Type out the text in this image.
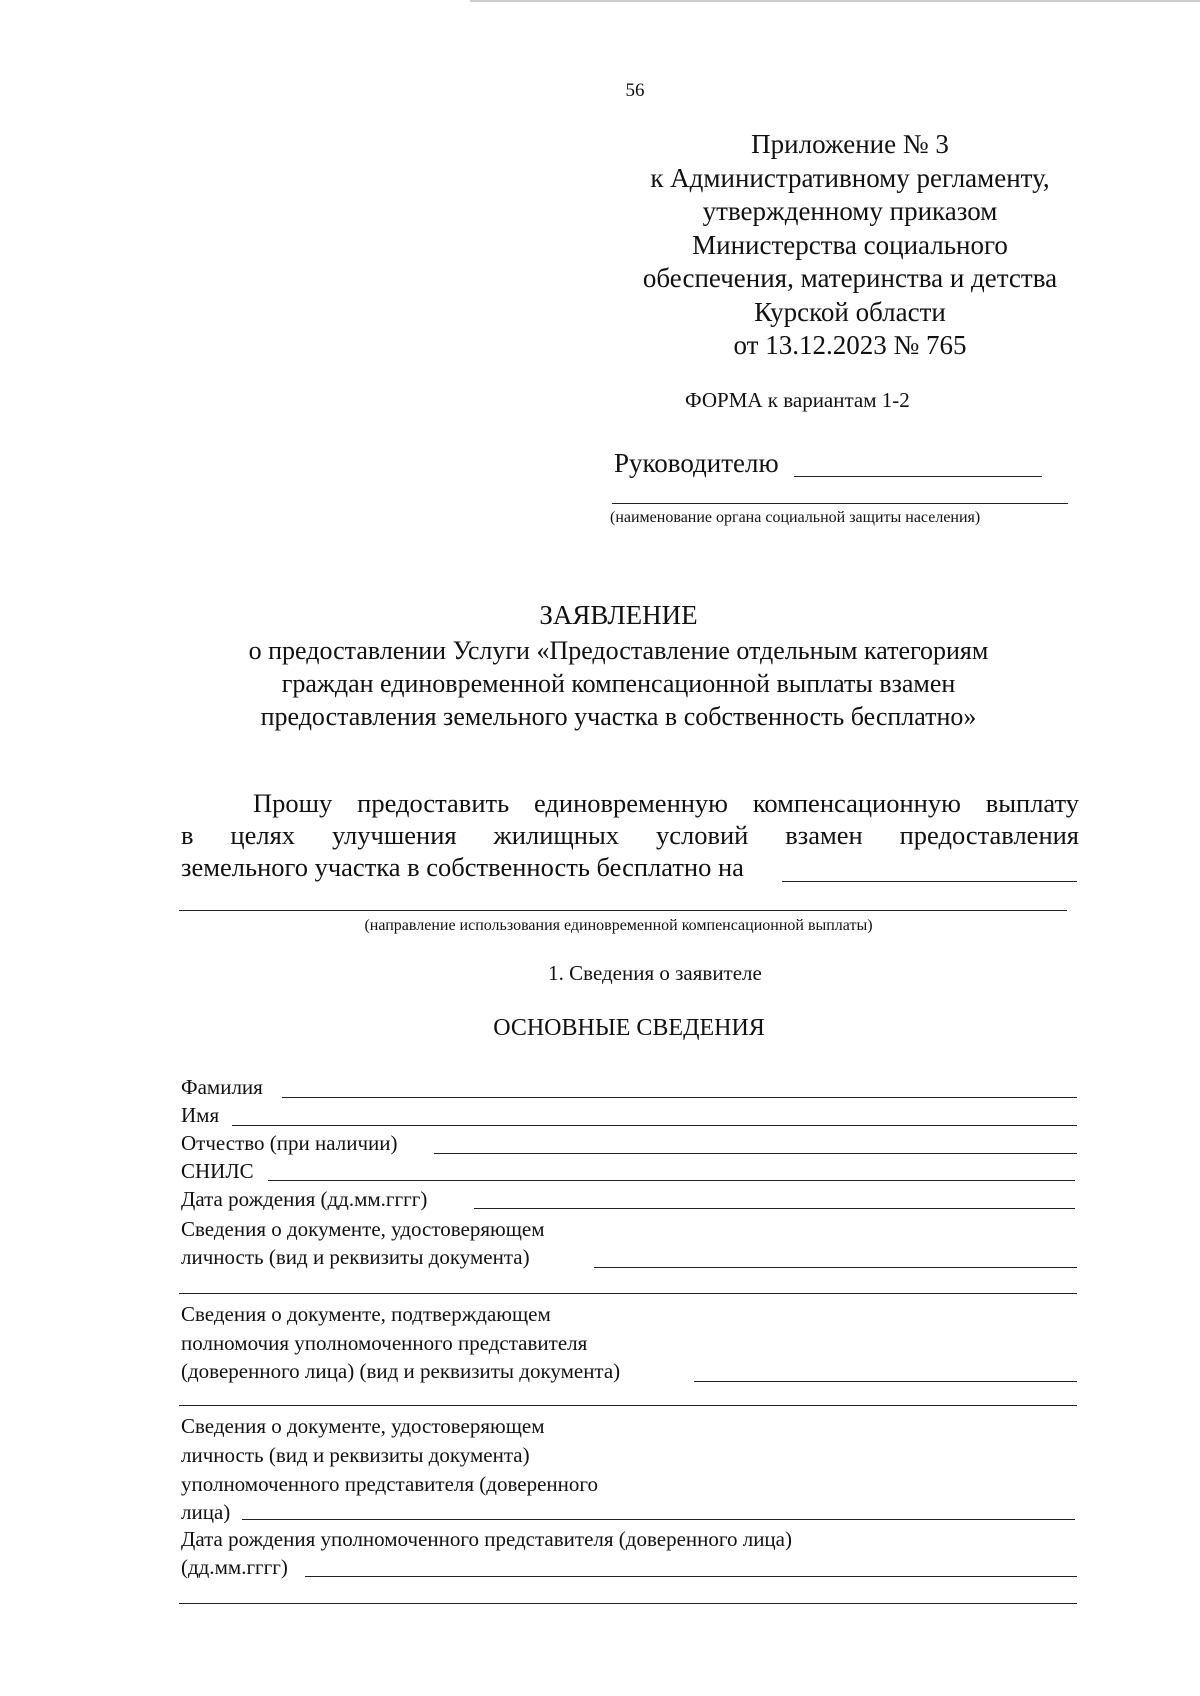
56
Приложение № 3
к Административному регламенту,
утвержденному приказом
Министерства социального
обеспечения, материнства и детства
Курской области
от 13.12.2023 № 765
ФОРМА к вариантам 1-2
Руководителю
(наименование органа социальной защиты населения)
ЗАЯВЛЕНИЕ
о предоставлении Услуги «Предоставление отдельным категориям
граждан единовременной компенсационной выплаты взамен
предоставления земельного участка в собственность бесплатно»
Прошу предоставить единовременную компенсационную выплату
в целях улучшения жилищных условий взамен предоставления
земельного участка в собственность бесплатно на
(направление использования единовременной компенсационной выплаты)
1. Сведения о заявителе
ОСНОВНЫЕ СВЕДЕНИЯ
Фамилия
Имя
Отчество (при наличии)
СНИЛС
Дата рождения (дд.мм.гггг)
Сведения о документе, удостоверяющем
личность (вид и реквизиты документа)
Сведения о документе, подтверждающем
полномочия уполномоченного представителя
(доверенного лица) (вид и реквизиты документа)
Сведения о документе, удостоверяющем
личность (вид и реквизиты документа)
уполномоченного представителя (доверенного
лица)
Дата рождения уполномоченного представителя (доверенного лица)
(дд.мм.гггг)
